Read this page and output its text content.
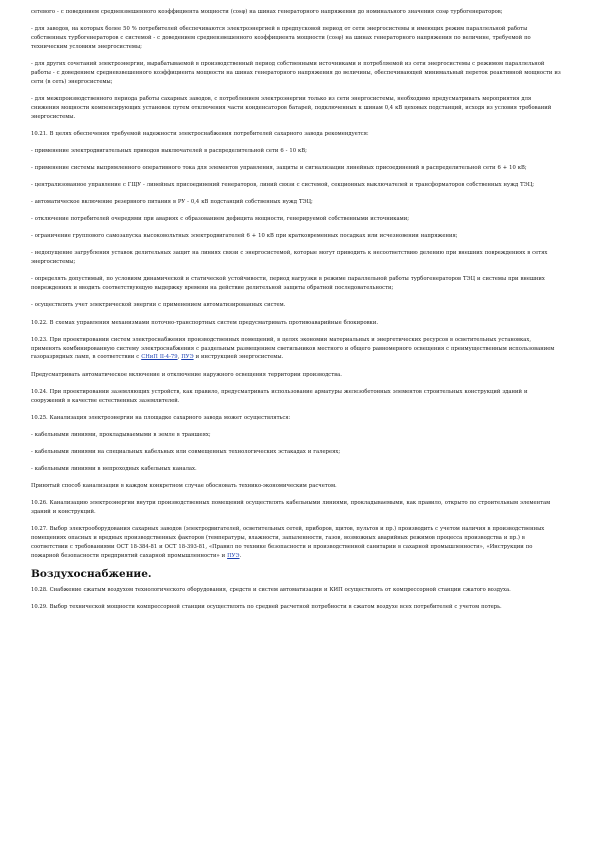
сетевого - с поведением средневзвешенного коэффициента мощности (cosφ) на шинах генераторного напряжения до номинального значения cosφ турбогенераторов;

- для заводов, на которых более 50 % потребителей обеспечиваются электроэнергией в предпусковой период от сети энергосистемы и имеющих режим параллельной работы собственных турбогенераторов с системой - с доведением средневзвешенного коэффициента мощности (cosφ) на шинах генераторного напряжения по величине, требуемой по техническим условиям энергосистемы;

- для других сочетаний электроэнергии, вырабатываемой в производственный период собственными источниками и потребляемой из сети энергосистемы с режимом параллельной работы - с доведением средневзвешенного коэффициента мощности на шинах генераторного напряжения до величины, обеспечивающей минимальный переток реактивной мощности из сети (в сеть) энергосистемы;

- для межпроизводственного периода работы сахарных заводов, с потреблением электроэнергии только из сети энергосистемы, необходимо предусматривать мероприятия для снижения мощности компенсирующих установок путем отключения части конденсаторов батарей, подключенных к шинам 0,4 кВ цеховых подстанций, исходя из условия требований энергосистемы.

10.21. В целях обеспечения требуемой надежности электроснабжения потребителей сахарного завода рекомендуется:

- применение электродвигательных приводов выключателей в распределительной сети 6 - 10 кВ;

- применение системы выпрямленного оперативного тока для элементов управления, защиты и сигнализации линейных присоединений в распределительной сети 6 + 10 кВ;

- централизованное управление с ГЩУ - линейных присоединений генераторов, линий связи с системой, секционных выключателей и трансформаторов собственных нужд ТЭЦ;

- автоматическое включение резервного питания в РУ - 0,4 кВ подстанций собственных нужд ТЭЦ;

- отключение потребителей очередями при авариях с образованием дефицита мощности, генерируемой собственными источниками;

- ограничение группового самозапуска высоковольтных электродвигателей 6 + 10 кВ при кратковременных посадках или исчезновении напряжения;

- недопущение загрубления уставок делительных защит на линиях связи с энергосистемой, которые могут приводить к несоответствию делению при внешних повреждениях в сетях энергосистемы;

- определять допустимый, по условиям динамической и статической устойчивости, период нагрузки в режиме параллельной работы турбогенераторов ТЭЦ и системы при внешних повреждениях и вводить соответствующую выдержку времени на действие делительной защиты обратной последовательности;

- осуществлять учет электрической энергии с применением автоматизированных систем.

10.22. В схемах управления механизмами поточно-транспортных систем предусматривать противоаварийные блокировки.

10.23. При проектировании систем электроснабжения производственных помещений, в целях экономии материальных и энергетических ресурсов в осветительных установках, применять комбинированную систему электроснабжения с раздельным размещением светильников местного и общего равномерного освещения с преимущественным использованием газоразрядных ламп, в соответствии с СНиП II-4-79, ПУЭ и инструкцией энергосистемы.

Предусматривать автоматическое включение и отключение наружного освещения территории производства.

10.24. При проектировании заземляющих устройств, как правило, предусматривать использование арматуры железобетонных элементов строительных конструкций зданий и сооружений в качестве естественных заземлителей.

10.25. Канализация электроэнергии на площадке сахарного завода может осуществляться:

- кабельными линиями, прокладываемыми в земле в траншеях;

- кабельными линиями на специальных кабельных или совмещенных технологических эстакадах и галереях;

- кабельными линиями в непроходных кабельных каналах.

Принятый способ канализации в каждом конкретном случае обосновать технико-экономическим расчетом.

10.26. Канализацию электроэнергии внутри производственных помещений осуществлять кабельными линиями, прокладываемыми, как правило, открыто по строительным элементам зданий и конструкций.

10.27. Выбор электрооборудования сахарных заводов (электродвигателей, осветительных сетей, приборов, щитов, пультов и пр.) производить с учетом наличия в производственных помещениях опасных и вредных производственных факторов (температуры, влажности, запыленности, газов, возможных аварийных режимов процесса производства и пр.) в соответствии с требованиями ОСТ 18-384-81 и ОСТ 18-393-81, «Правил по технике безопасности и производственной санитарии в сахарной промышленности», «Инструкции по пожарной безопасности предприятий сахарной промышленности» и ПУЭ.

Воздухоснабжение.

10.28. Снабжение сжатым воздухом технологического оборудования, средств и систем автоматизации и КИП осуществлять от компрессорной станции сжатого воздуха.

10.29. Выбор технической мощности компрессорной станции осуществлять по средней расчетной потребности в сжатом воздухе всех потребителей с учетом потерь.
